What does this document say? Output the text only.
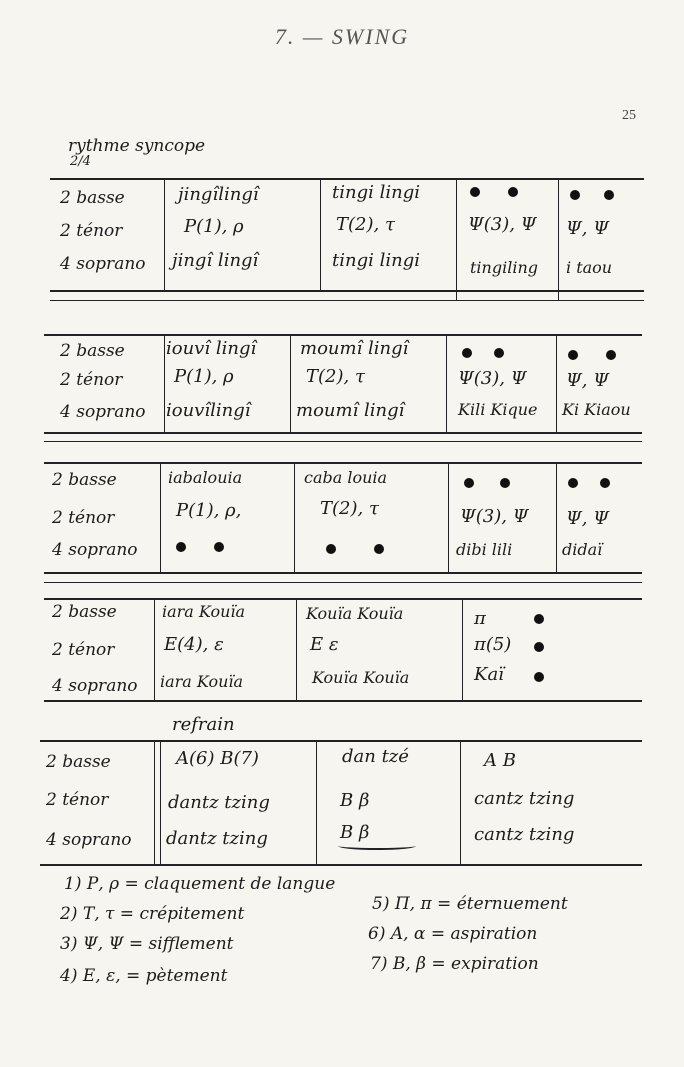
7. — SWING
25
rythme syncope
2/4
2 basse
2 ténor
4 soprano
jingîlingî
P(1), ρ
jingî lingî
tingi lingi
Τ(2), τ
tingi lingi
Ψ(3), Ψ
tingiling
Ψ, Ψ
i taou
2 basse
2 ténor
4 soprano
iouvî lingî
P(1), ρ
iouvîlingî
moumî lingî
Τ(2), τ
moumî lingî
Ψ(3), Ψ
Kili Kique
Ψ, Ψ
Ki Kiaou
2 basse
2 ténor
4 soprano
iabalouia
P(1), ρ,
caba louia
Τ(2), τ	Ψ(3), Ψ
dibi lili
Ψ, Ψ
didaï
2 basse
2 ténor
4 soprano
iara Kouïa
E(4), ε
iara Kouïa
Kouïa Kouïa
E ε
Kouïa Kouïa
π
π(5)
Kaï
refrain
2 basse
2 ténor
4 soprano
A(6) B(7)
dantz tzing
dantz tzing
dan tzé
B β
B β
A B
cantz tzing
cantz tzing
1) Ρ, ρ = claquement de langue
2) Τ, τ = crépitement
3) Ψ, Ψ = sifflement
4) Ε, ε, = pètement
5) Π, π = éternuement
6) Α, α = aspiration
7) Β, β = expiration
